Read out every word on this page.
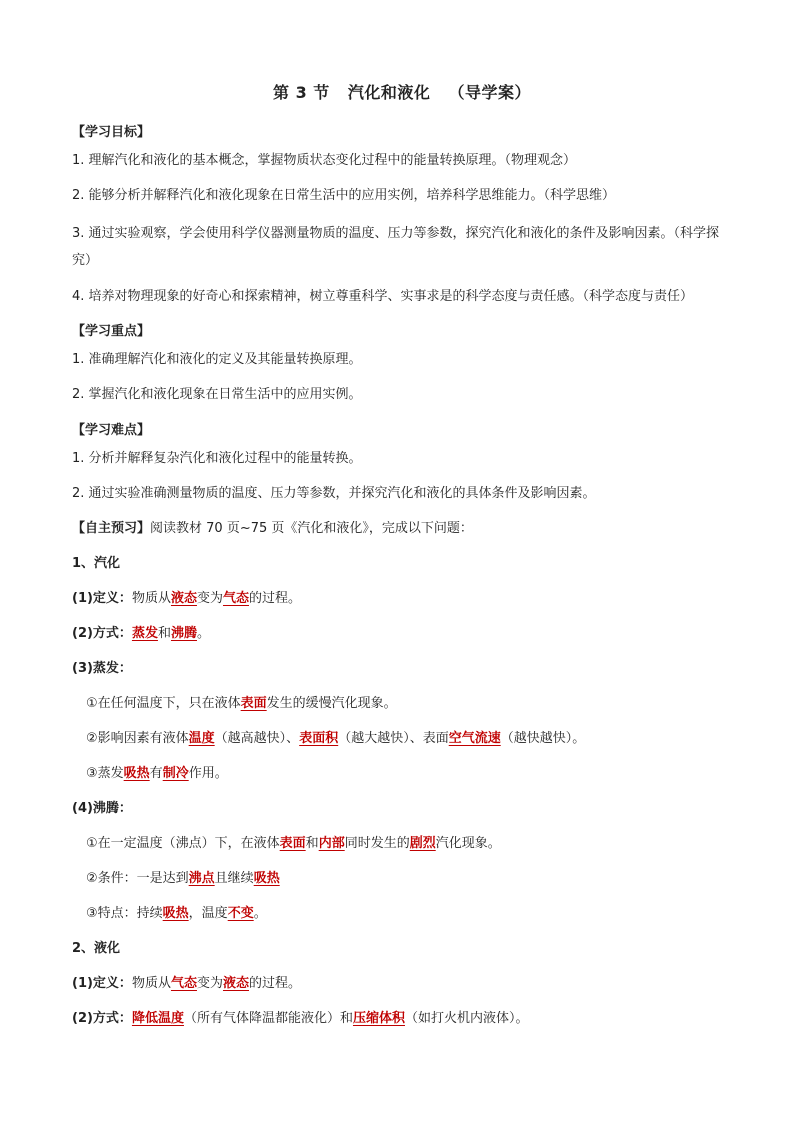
第 3 节 汽化和液化 （导学案）
【学习目标】
1. 理解汽化和液化的基本概念，掌握物质状态变化过程中的能量转换原理。（物理观念）
2. 能够分析并解释汽化和液化现象在日常生活中的应用实例，培养科学思维能力。（科学思维）
3. 通过实验观察，学会使用科学仪器测量物质的温度、压力等参数，探究汽化和液化的条件及影响因素。（科学探究）
4. 培养对物理现象的好奇心和探索精神，树立尊重科学、实事求是的科学态度与责任感。（科学态度与责任）
【学习重点】
1. 准确理解汽化和液化的定义及其能量转换原理。
2. 掌握汽化和液化现象在日常生活中的应用实例。
【学习难点】
1. 分析并解释复杂汽化和液化过程中的能量转换。
2. 通过实验准确测量物质的温度、压力等参数，并探究汽化和液化的具体条件及影响因素。
【自主预习】阅读教材 70 页~75 页《汽化和液化》，完成以下问题：
1、汽化
(1)定义：物质从液态变为气态的过程。
(2)方式：蒸发和沸腾。
(3)蒸发：
①在任何温度下，只在液体表面发生的缓慢汽化现象。
②影响因素有液体温度（越高越快）、表面积（越大越快）、表面空气流速（越快越快）。
③蒸发吸热有制冷作用。
(4)沸腾：
①在一定温度（沸点）下，在液体表面和内部同时发生的剧烈汽化现象。
②条件：一是达到沸点且继续吸热
③特点：持续吸热，温度不变。
2、液化
(1)定义：物质从气态变为液态的过程。
(2)方式：降低温度（所有气体降温都能液化）和压缩体积（如打火机内液体）。
